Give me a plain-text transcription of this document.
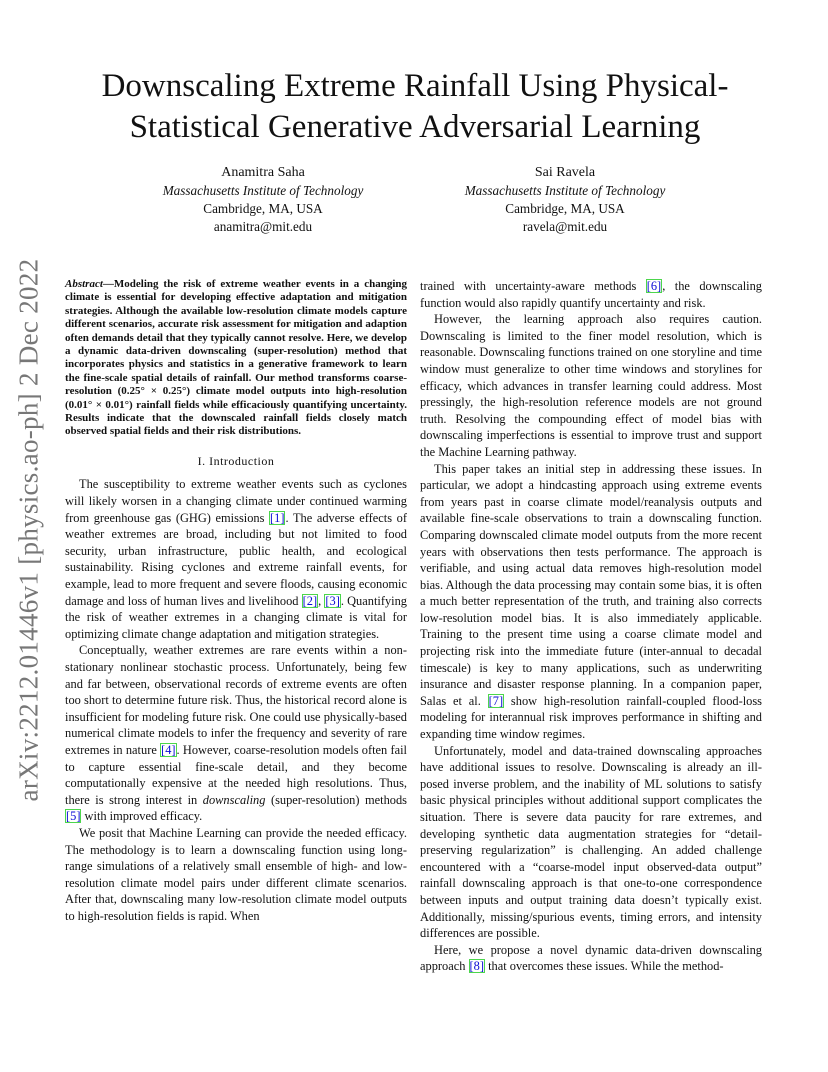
arXiv:2212.01446v1 [physics.ao-ph] 2 Dec 2022
Downscaling Extreme Rainfall Using Physical-Statistical Generative Adversarial Learning
Anamitra Saha
Massachusetts Institute of Technology
Cambridge, MA, USA
anamitra@mit.edu
Sai Ravela
Massachusetts Institute of Technology
Cambridge, MA, USA
ravela@mit.edu

Abstract—Modeling the risk of extreme weather events in a changing climate is essential for developing effective adaptation and mitigation strategies. Although the available low-resolution climate models capture different scenarios, accurate risk assessment for mitigation and adaption often demands detail that they typically cannot resolve. Here, we develop a dynamic data-driven downscaling (super-resolution) method that incorporates physics and statistics in a generative framework to learn the fine-scale spatial details of rainfall. Our method transforms coarse-resolution (0.25° × 0.25°) climate model outputs into high-resolution (0.01° × 0.01°) rainfall fields while efficaciously quantifying uncertainty. Results indicate that the downscaled rainfall fields closely match observed spatial fields and their risk distributions.

I. Introduction

The susceptibility to extreme weather events such as cyclones will likely worsen in a changing climate under continued warming from greenhouse gas (GHG) emissions [1]. The adverse effects of weather extremes are broad, including but not limited to food security, urban infrastructure, public health, and ecological sustainability. Rising cyclones and extreme rainfall events, for example, lead to more frequent and severe floods, causing economic damage and loss of human lives and livelihood [2], [3]. Quantifying the risk of weather extremes in a changing climate is vital for optimizing climate change adaptation and mitigation strategies.

Conceptually, weather extremes are rare events within a non-stationary nonlinear stochastic process. Unfortunately, being few and far between, observational records of extreme events are often too short to determine future risk. Thus, the historical record alone is insufficient for modeling future risk. One could use physically-based numerical climate models to infer the frequency and severity of rare extremes in nature [4]. However, coarse-resolution models often fail to capture essential fine-scale detail, and they become computationally expensive at the needed high resolutions. Thus, there is strong interest in downscaling (super-resolution) methods [5] with improved efficacy.

We posit that Machine Learning can provide the needed efficacy. The methodology is to learn a downscaling function using long-range simulations of a relatively small ensemble of high- and low-resolution climate model pairs under different climate scenarios. After that, downscaling many low-resolution climate model outputs to high-resolution fields is rapid. When

trained with uncertainty-aware methods [6], the downscaling function would also rapidly quantify uncertainty and risk.

However, the learning approach also requires caution. Downscaling is limited to the finer model resolution, which is reasonable. Downscaling functions trained on one storyline and time window must generalize to other time windows and storylines for efficacy, which advances in transfer learning could address. Most pressingly, the high-resolution reference models are not ground truth. Resolving the compounding effect of model bias with downscaling imperfections is essential to improve trust and support the Machine Learning pathway.

This paper takes an initial step in addressing these issues. In particular, we adopt a hindcasting approach using extreme events from years past in coarse climate model/reanalysis outputs and available fine-scale observations to train a downscaling function. Comparing downscaled climate model outputs from the more recent years with observations then tests performance. The approach is verifiable, and using actual data removes high-resolution model bias. Although the data processing may contain some bias, it is often a much better representation of the truth, and training also corrects low-resolution model bias. It is also immediately applicable. Training to the present time using a coarse climate model and projecting risk into the immediate future (inter-annual to decadal timescale) is key to many applications, such as underwriting insurance and disaster response planning. In a companion paper, Salas et al. [7] show high-resolution rainfall-coupled flood-loss modeling for interannual risk improves performance in shifting and expanding time window regimes.

Unfortunately, model and data-trained downscaling approaches have additional issues to resolve. Downscaling is already an ill-posed inverse problem, and the inability of ML solutions to satisfy basic physical principles without additional support complicates the situation. There is severe data paucity for rare extremes, and developing synthetic data augmentation strategies for “detail-preserving regularization” is challenging. An added challenge encountered with a “coarse-model input observed-data output” rainfall downscaling approach is that one-to-one correspondence between inputs and output training data doesn’t typically exist. Additionally, missing/spurious events, timing errors, and intensity differences are possible.

Here, we propose a novel dynamic data-driven downscaling approach [8] that overcomes these issues. While the method-
